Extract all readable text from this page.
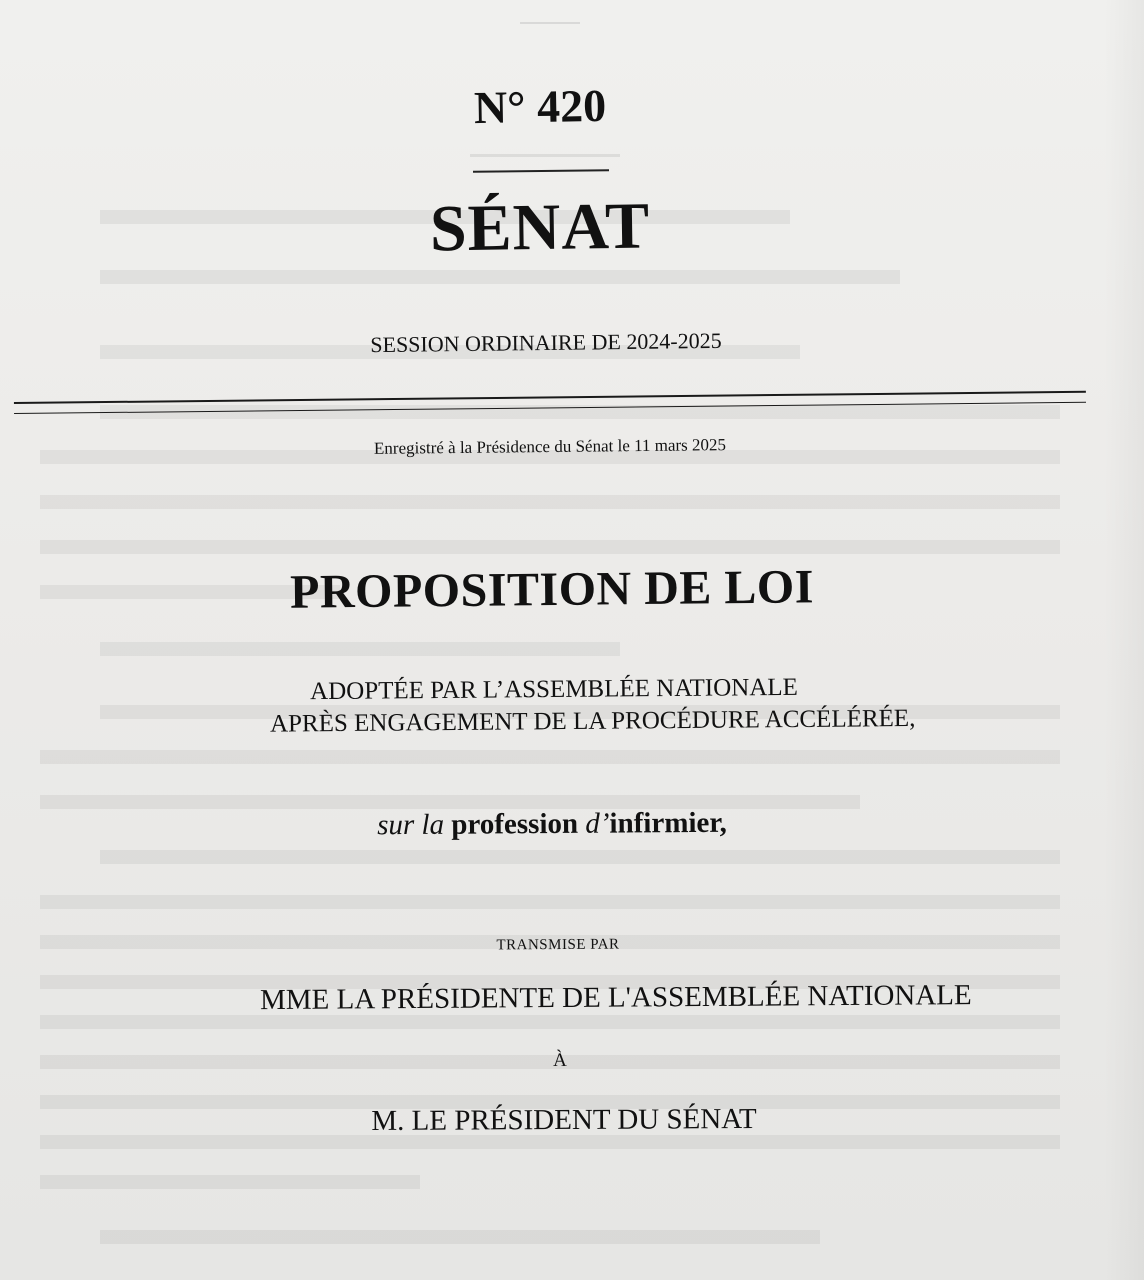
N° 420
SÉNAT
SESSION ORDINAIRE DE 2024-2025
Enregistré à la Présidence du Sénat le 11 mars 2025
PROPOSITION DE LOI
ADOPTÉE PAR L’ASSEMBLÉE NATIONALE
APRÈS ENGAGEMENT DE LA PROCÉDURE ACCÉLÉRÉE,
sur la profession d’infirmier,
TRANSMISE PAR
MME LA PRÉSIDENTE DE L'ASSEMBLÉE NATIONALE
À
M. LE PRÉSIDENT DU SÉNAT
